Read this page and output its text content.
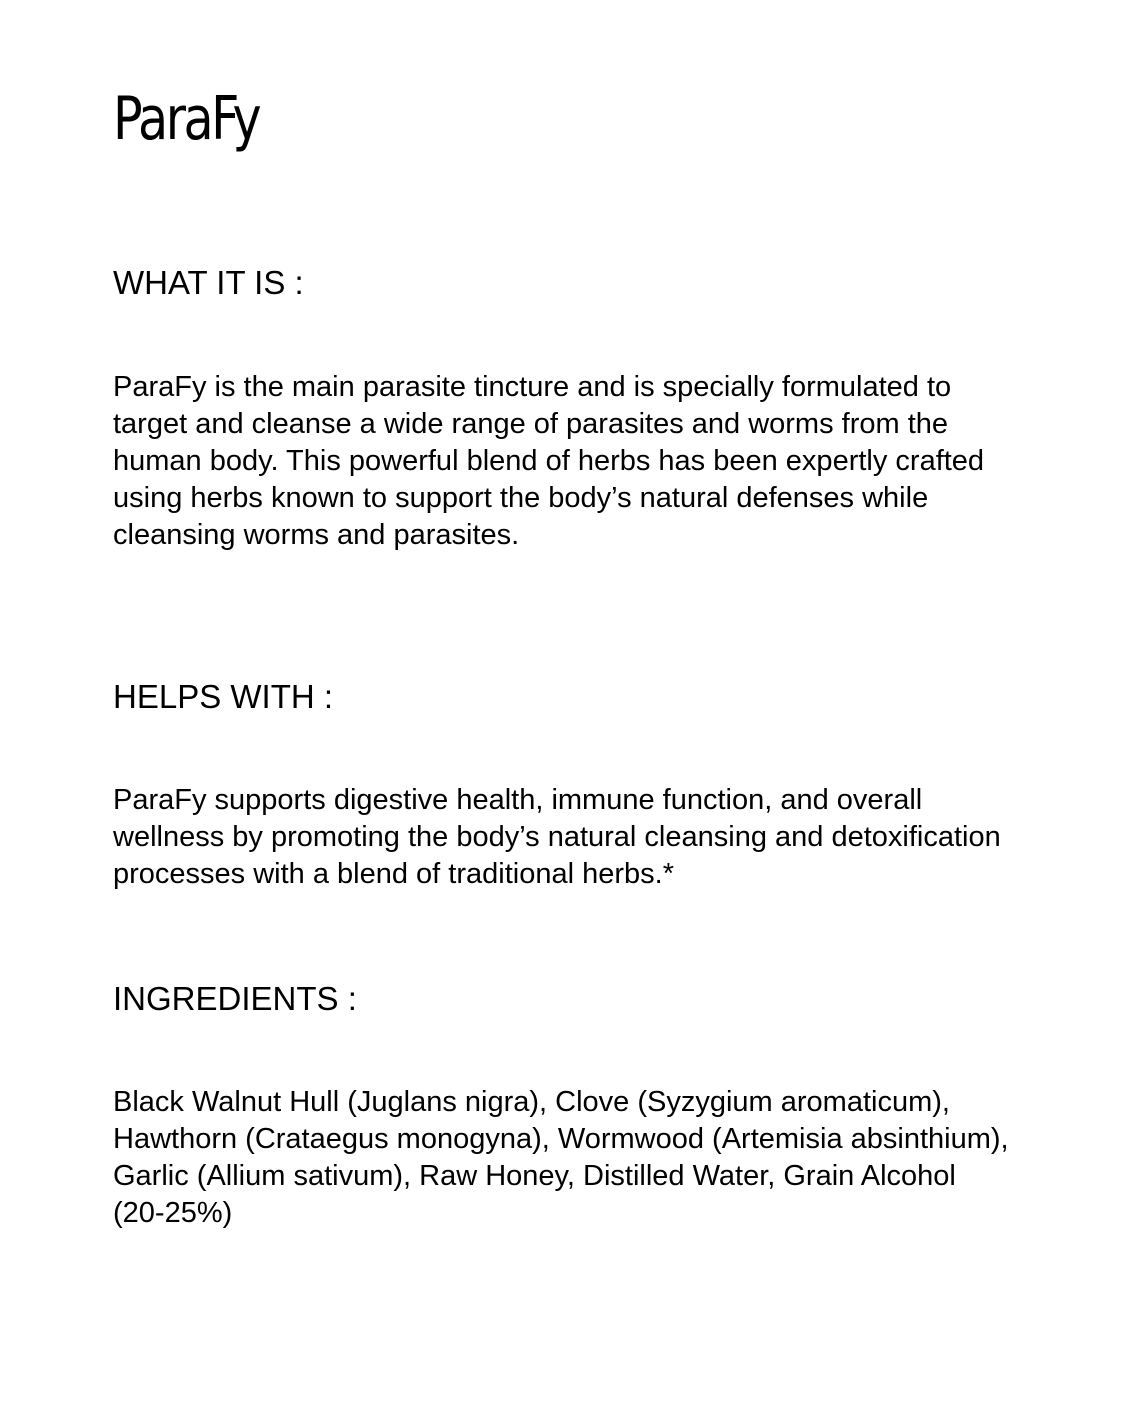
ParaFy
WHAT IT IS :

ParaFy is the main parasite tincture and is specially formulated to target and cleanse a wide range of parasites and worms from the human body. This powerful blend of herbs has been expertly crafted using herbs known to support the body’s natural defenses while cleansing worms and parasites.

HELPS WITH :

ParaFy supports digestive health, immune function, and overall wellness by promoting the body’s natural cleansing and detoxification processes with a blend of traditional herbs.*

INGREDIENTS :

Black Walnut Hull (Juglans nigra), Clove (Syzygium aromaticum), Hawthorn (Crataegus monogyna), Wormwood (Artemisia absinthium), Garlic (Allium sativum), Raw Honey, Distilled Water, Grain Alcohol (20-25%)
